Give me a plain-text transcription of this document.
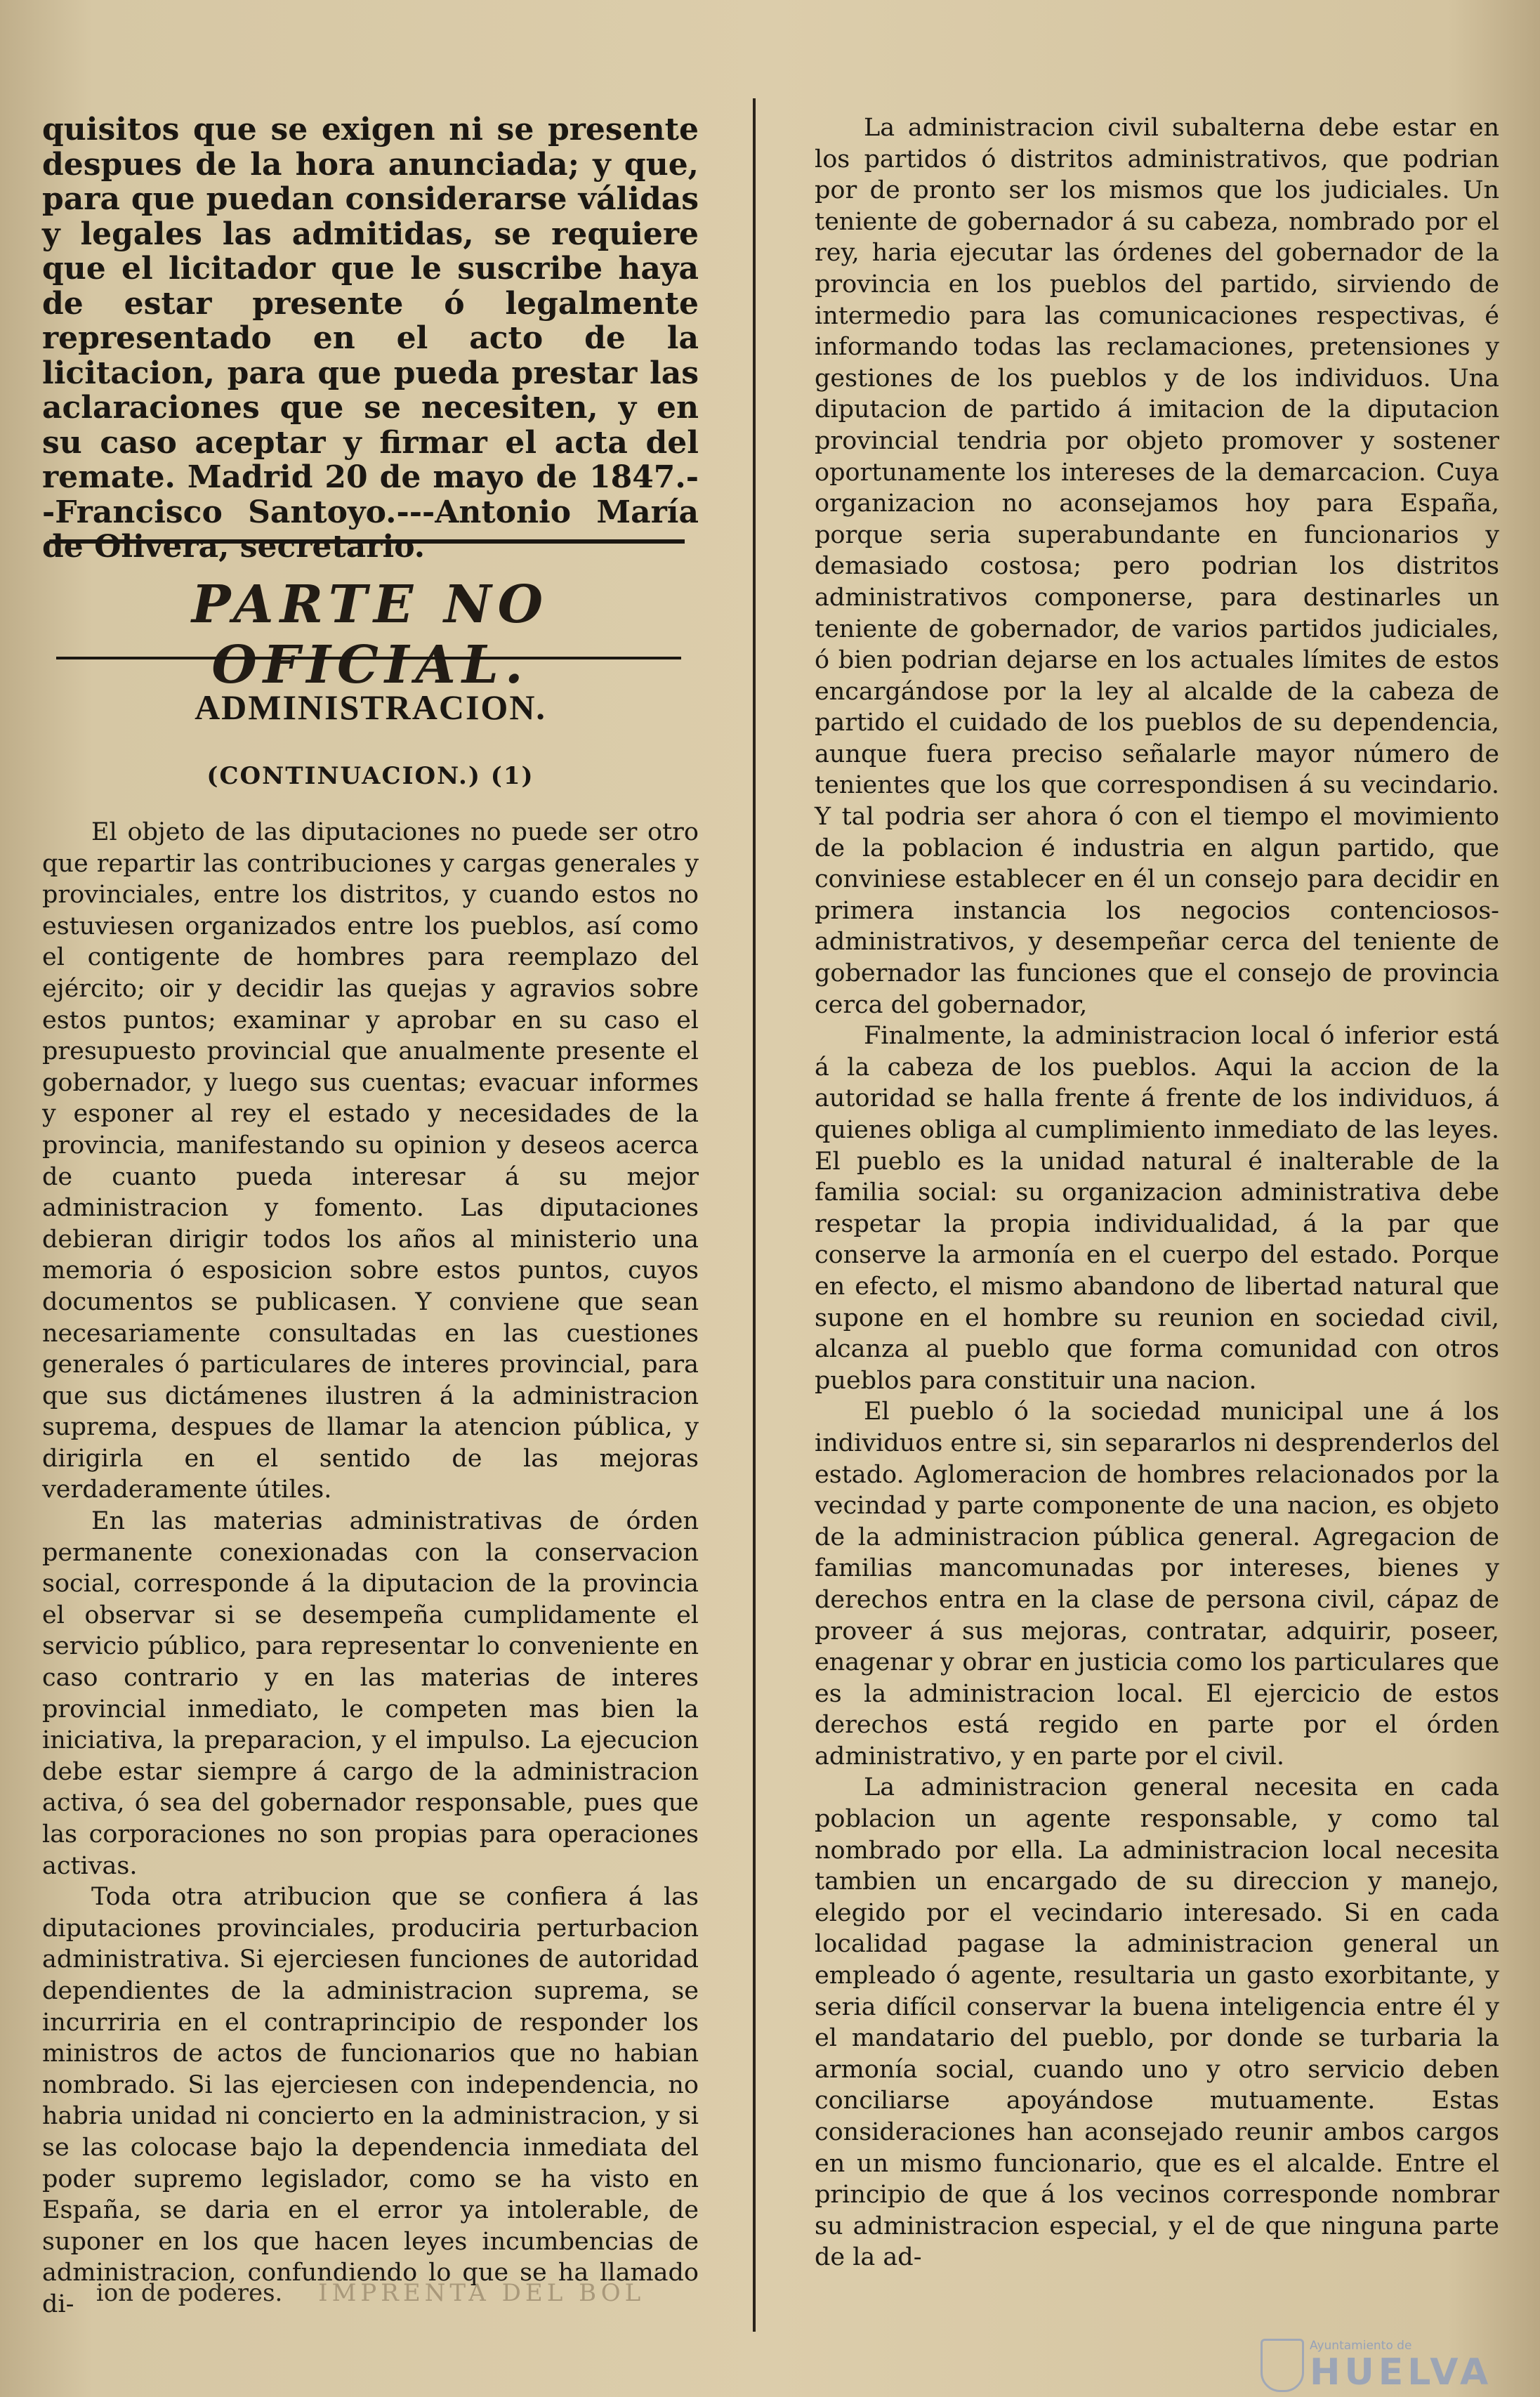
quisitos que se exigen ni se presente despues de la hora anunciada; y que, para que puedan considerarse válidas y legales las admitidas, se requiere que el licitador que le suscribe haya de estar presente ó legalmente representado en el acto de la licitacion, para que pueda prestar las aclaraciones que se necesiten, y en su caso aceptar y firmar el acta del remate. Madrid 20 de mayo de 1847.--Francisco Santoyo.---Antonio María de Olivera, secretario.

PARTE NO OFICIAL.
ADMINISTRACION.
(CONTINUACION.) (1)

El objeto de las diputaciones no puede ser otro que repartir las contribuciones y cargas generales y provinciales, entre los distritos, y cuando estos no estuviesen organizados entre los pueblos, así como el contigente de hombres para reemplazo del ejército; oir y decidir las quejas y agravios sobre estos puntos; examinar y aprobar en su caso el presupuesto provincial que anualmente presente el gobernador, y luego sus cuentas; evacuar informes y esponer al rey el estado y necesidades de la provincia, manifestando su opinion y deseos acerca de cuanto pueda interesar á su mejor administracion y fomento. Las diputaciones debieran dirigir todos los años al ministerio una memoria ó esposicion sobre estos puntos, cuyos documentos se publicasen. Y conviene que sean necesariamente consultadas en las cuestiones generales ó particulares de interes provincial, para que sus dictámenes ilustren á la administracion suprema, despues de llamar la atencion pública, y dirigirla en el sentido de las mejoras verdaderamente útiles.

En las materias administrativas de órden permanente conexionadas con la conservacion social, corresponde á la diputacion de la provincia el observar si se desempeña cumplidamente el servicio público, para representar lo conveniente en caso contrario y en las materias de interes provincial inmediato, le competen mas bien la iniciativa, la preparacion, y el impulso. La ejecucion debe estar siempre á cargo de la administracion activa, ó sea del gobernador responsable, pues que las corporaciones no son propias para operaciones activas.

Toda otra atribucion que se confiera á las diputaciones provinciales, produciria perturbacion administrativa. Si ejerciesen funciones de autoridad dependientes de la administracion suprema, se incurriria en el contraprincipio de responder los ministros de actos de funcionarios que no habian nombrado. Si las ejerciesen con independencia, no habria unidad ni concierto en la administracion, y si se las colocase bajo la dependencia inmediata del poder supremo legislador, como se ha visto en España, se daria en el error ya intolerable, de suponer en los que hacen leyes incumbencias de administracion, confundiendo lo que se ha llamado di- ion de poderes. IMPRENTA DEL BOL

La administracion civil subalterna debe estar en los partidos ó distritos administrativos, que podrian por de pronto ser los mismos que los judiciales. Un teniente de gobernador á su cabeza, nombrado por el rey, haria ejecutar las órdenes del gobernador de la provincia en los pueblos del partido, sirviendo de intermedio para las comunicaciones respectivas, é informando todas las reclamaciones, pretensiones y gestiones de los pueblos y de los individuos. Una diputacion de partido á imitacion de la diputacion provincial tendria por objeto promover y sostener oportunamente los intereses de la demarcacion. Cuya organizacion no aconsejamos hoy para España, porque seria superabundante en funcionarios y demasiado costosa; pero podrian los distritos administrativos componerse, para destinarles un teniente de gobernador, de varios partidos judiciales, ó bien podrian dejarse en los actuales límites de estos encargándose por la ley al alcalde de la cabeza de partido el cuidado de los pueblos de su dependencia, aunque fuera preciso señalarle mayor número de tenientes que los que correspondisen á su vecindario. Y tal podria ser ahora ó con el tiempo el movimiento de la poblacion é industria en algun partido, que conviniese establecer en él un consejo para decidir en primera instancia los negocios contenciosos-administrativos, y desempeñar cerca del teniente de gobernador las funciones que el consejo de provincia cerca del gobernador,

Finalmente, la administracion local ó inferior está á la cabeza de los pueblos. Aqui la accion de la autoridad se halla frente á frente de los individuos, á quienes obliga al cumplimiento inmediato de las leyes. El pueblo es la unidad natural é inalterable de la familia social: su organizacion administrativa debe respetar la propia individualidad, á la par que conserve la armonía en el cuerpo del estado. Porque en efecto, el mismo abandono de libertad natural que supone en el hombre su reunion en sociedad civil, alcanza al pueblo que forma comunidad con otros pueblos para constituir una nacion.

El pueblo ó la sociedad municipal une á los individuos entre si, sin separarlos ni desprenderlos del estado. Aglomeracion de hombres relacionados por la vecindad y parte componente de una nacion, es objeto de la administracion pública general. Agregacion de familias mancomunadas por intereses, bienes y derechos entra en la clase de persona civil, cápaz de proveer á sus mejoras, contratar, adquirir, poseer, enagenar y obrar en justicia como los particulares que es la administracion local. El ejercicio de estos derechos está regido en parte por el órden administrativo, y en parte por el civil.

La administracion general necesita en cada poblacion un agente responsable, y como tal nombrado por ella. La administracion local necesita tambien un encargado de su direccion y manejo, elegido por el vecindario interesado. Si en cada localidad pagase la administracion general un empleado ó agente, resultaria un gasto exorbitante, y seria difícil conservar la buena inteligencia entre él y el mandatario del pueblo, por donde se turbaria la armonía social, cuando uno y otro servicio deben conciliarse apoyándose mutuamente. Estas consideraciones han aconsejado reunir ambos cargos en un mismo funcionario, que es el alcalde. Entre el principio de que á los vecinos corresponde nombrar su administracion especial, y el de que ninguna parte de la ad-

Ayuntamiento de
HUELVA
